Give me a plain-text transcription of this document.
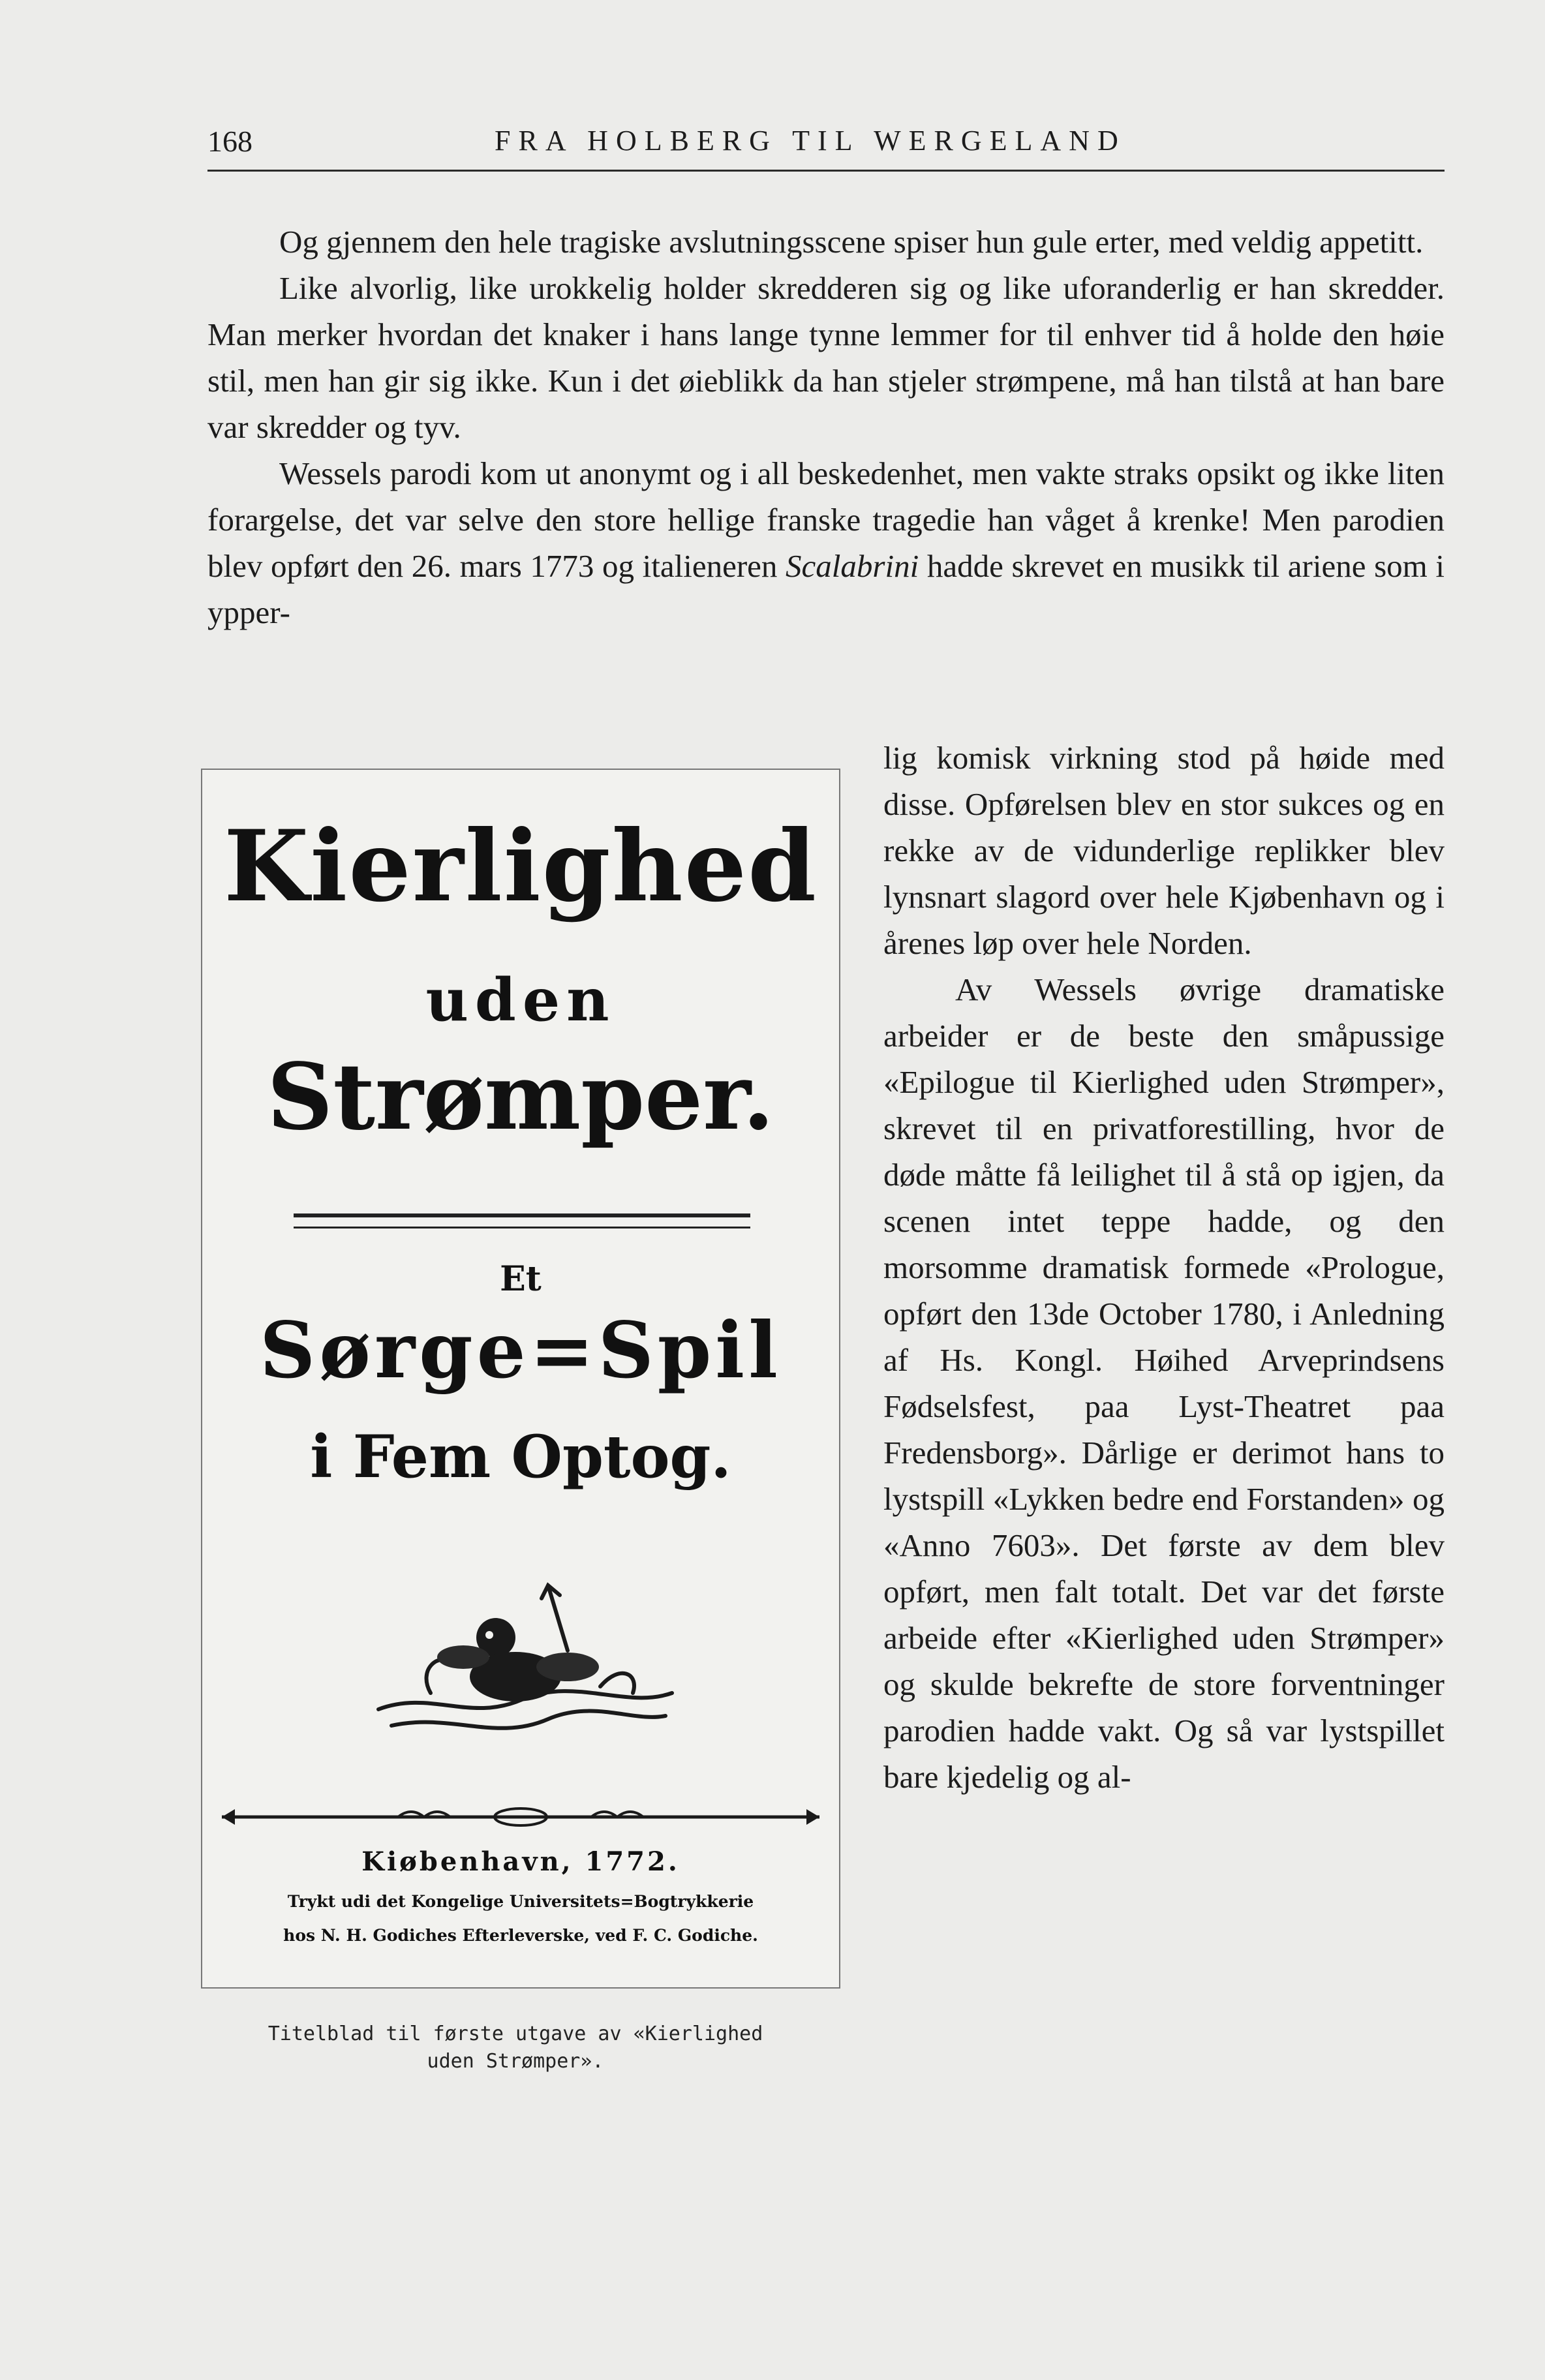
168	FRA HOLBERG TIL WERGELAND

Og gjennem den hele tragiske avslutningsscene spiser hun gule erter, med veldig appetitt.

Like alvorlig, like urokkelig holder skredderen sig og like uforanderlig er han skredder. Man merker hvordan det knaker i hans lange tynne lemmer for til enhver tid å holde den høie stil, men han gir sig ikke. Kun i det øieblikk da han stjeler strømpene, må han tilstå at han bare var skredder og tyv.

Wessels parodi kom ut anonymt og i all beskedenhet, men vakte straks opsikt og ikke liten forargelse, det var selve den store hellige franske tragedie han våget å krenke! Men parodien blev opført den 26. mars 1773 og italieneren Scalabrini hadde skrevet en musikk til ariene som i ypper-

lig komisk virkning stod på høide med disse. Opførelsen blev en stor sukces og en rekke av de vidunderlige replikker blev lynsnart slagord over hele Kjøbenhavn og i årenes løp over hele Norden.

Av Wessels øvrige dramatiske arbeider er de beste den småpussige «Epilogue til Kierlighed uden Strømper», skrevet til en privatforestilling, hvor de døde måtte få leilighet til å stå op igjen, da scenen intet teppe hadde, og den morsomme dramatisk formede «Prologue, opført den 13de October 1780, i Anledning af Hs. Kongl. Høihed Arveprindsens Fødselsfest, paa Lyst-Theatret paa Fredensborg». Dårlige er derimot hans to lystspill «Lykken bedre end Forstanden» og «Anno 7603». Det første av dem blev opført, men falt totalt. Det var det første arbeide efter «Kierlighed uden Strømper» og skulde bekrefte de store forventninger parodien hadde vakt. Og så var lystspillet bare kjedelig og al-

Kierlighed
uden
Strømper.
Et
Sørge=Spil
i Fem Optog.
Kiøbenhavn, 1772.
Trykt udi det Kongelige Universitets=Bogtrykkerie
hos N. H. Godiches Efterleverske, ved F. C. Godiche.

Titelblad til første utgave av «Kierlighed

uden Strømper».
